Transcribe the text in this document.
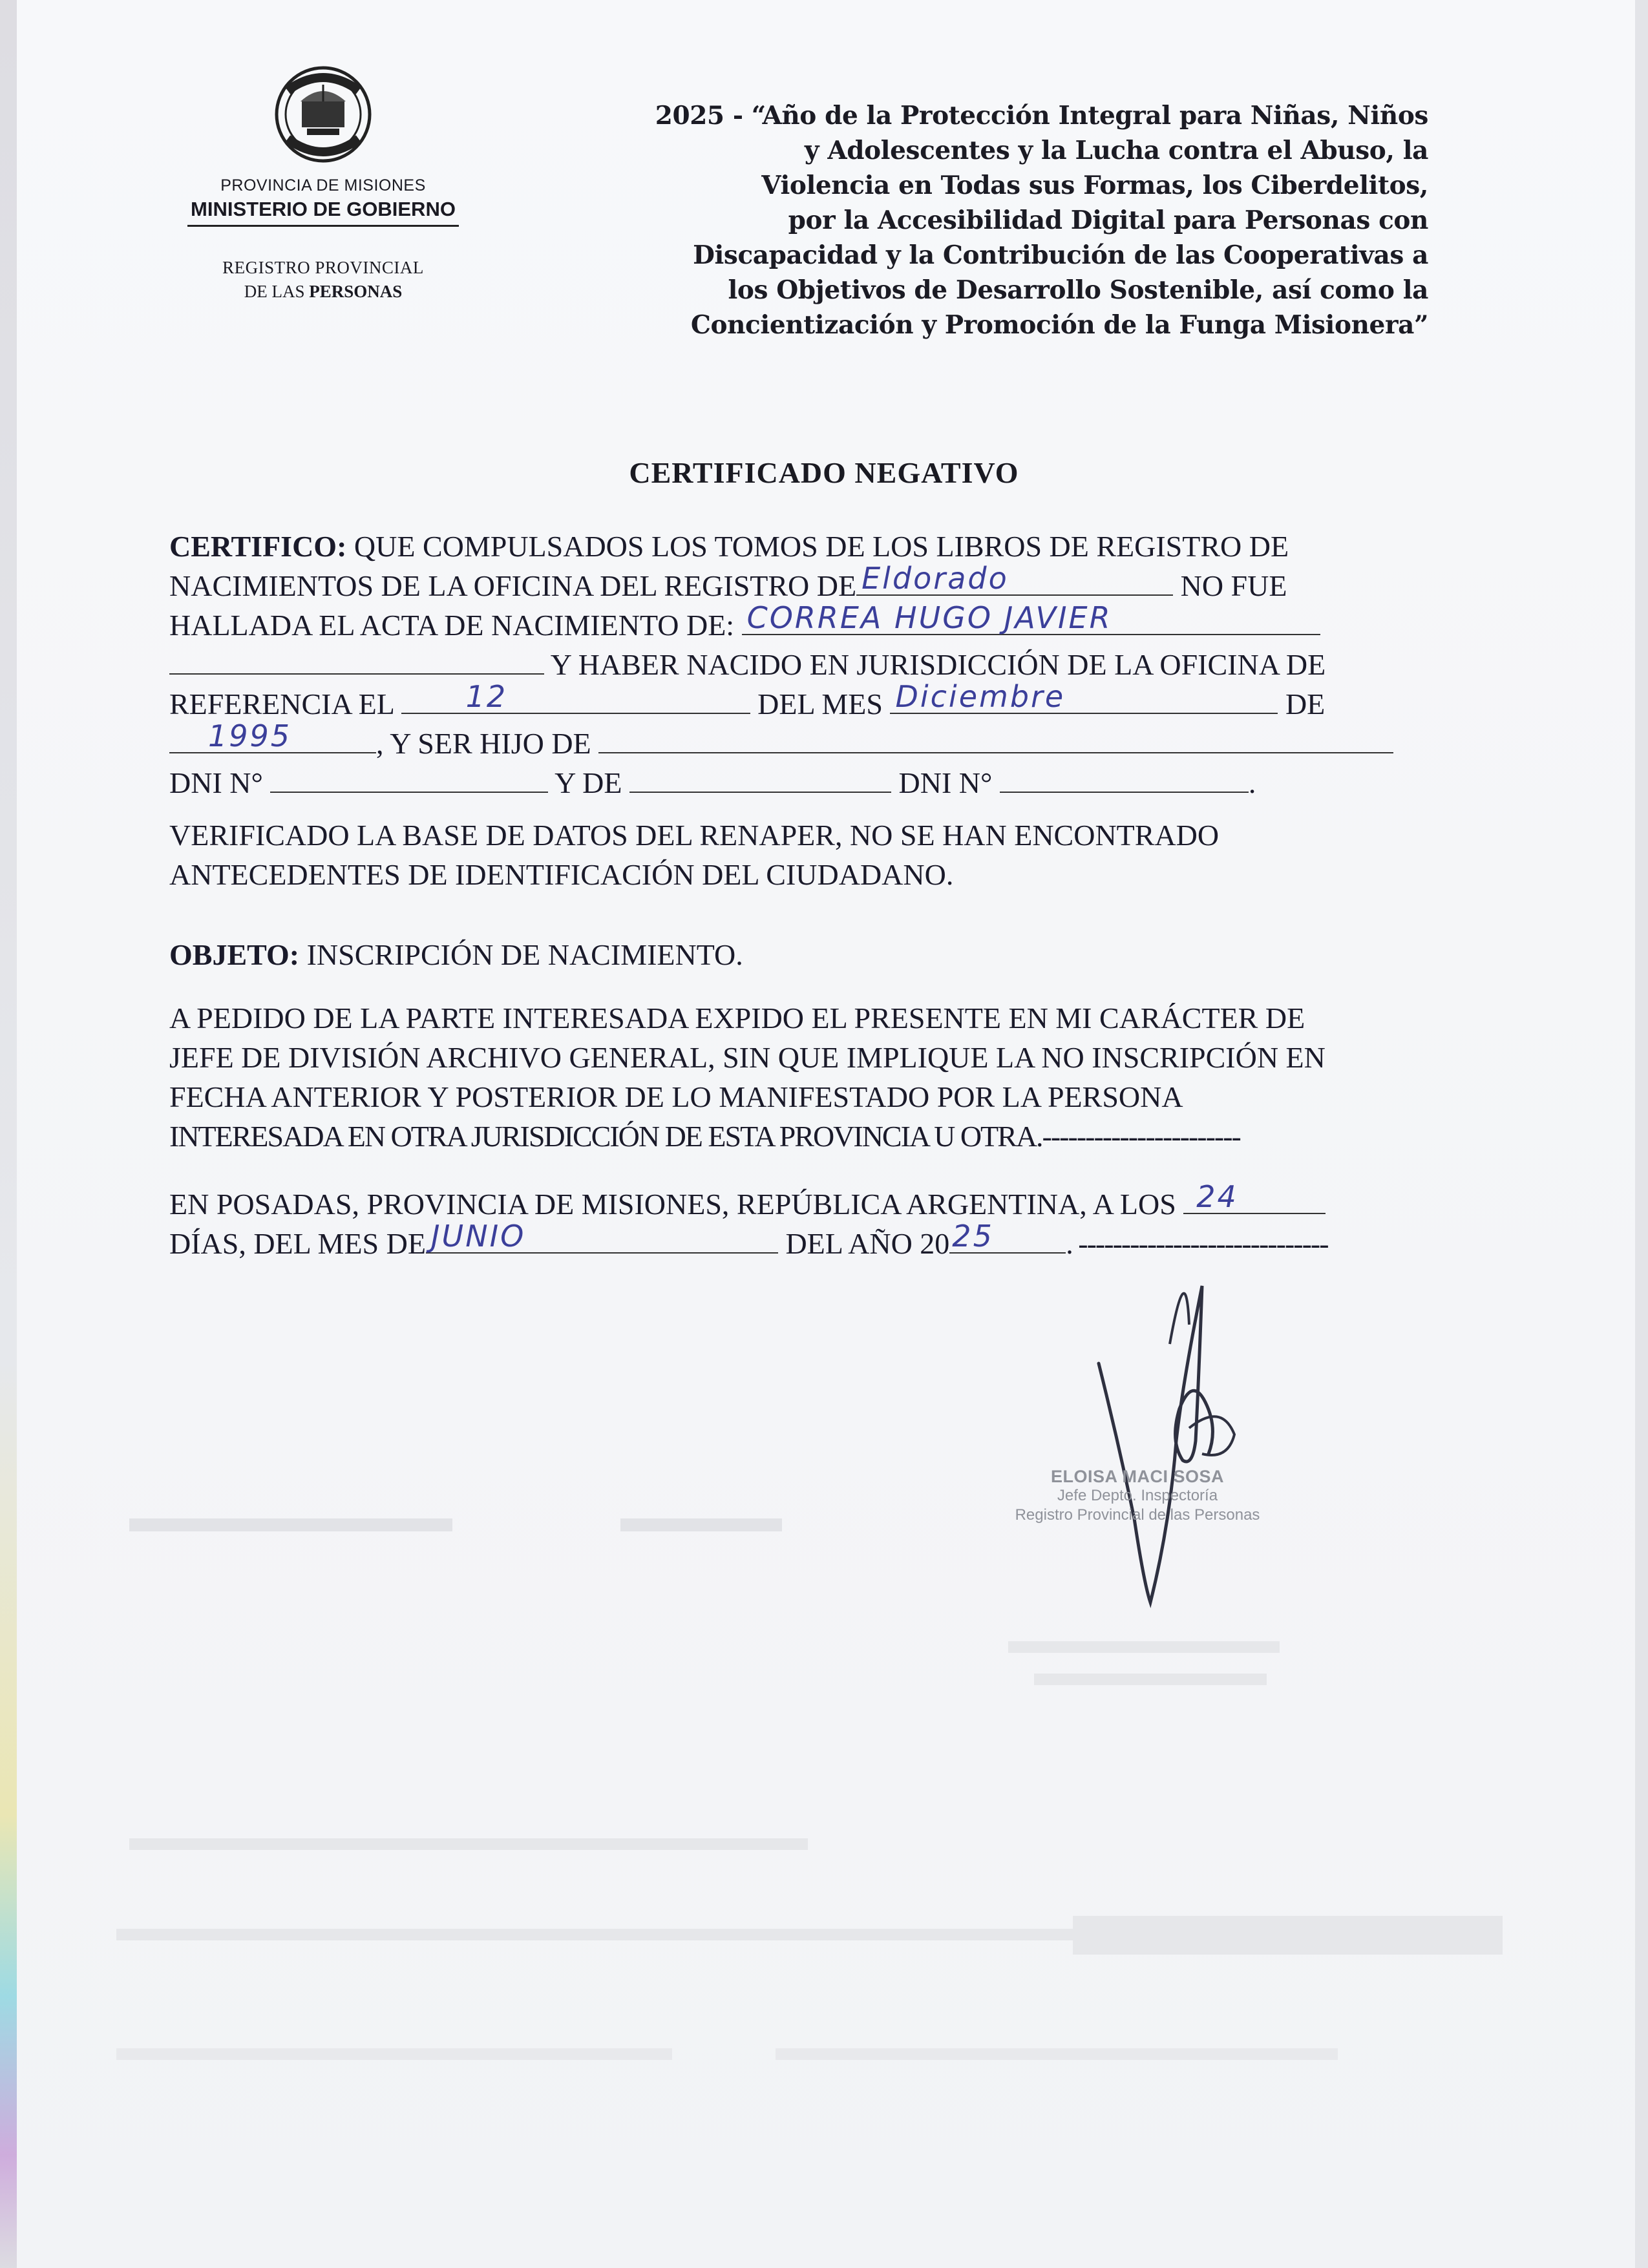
PROVINCIA DE MISIONES
MINISTERIO DE GOBIERNO
REGISTRO PROVINCIAL
DE LAS PERSONAS
2025 - “Año de la Protección Integral para Niñas, Niños
y Adolescentes y la Lucha contra el Abuso, la
Violencia en Todas sus Formas, los Ciberdelitos,
por la Accesibilidad Digital para Personas con
Discapacidad y la Contribución de las Cooperativas a
los Objetivos de Desarrollo Sostenible, así como la
Concientización y Promoción de la Funga Misionera”
CERTIFICADO NEGATIVO
CERTIFICO: QUE COMPULSADOS LOS TOMOS DE LOS LIBROS DE REGISTRO DE
NACIMIENTOS DE LA OFICINA DEL REGISTRO DE Eldorado	NO FUE
HALLADA EL ACTA DE NACIMIENTO DE: CORREA HUGO JAVIER
Y HABER NACIDO EN JURISDICCIÓN DE LA OFICINA DE
REFERENCIA EL 12	DEL MES Diciembre	DE
1995	, Y SER HIJO DE
DNI N°	Y DE	DNI N°	.
VERIFICADO LA BASE DE DATOS DEL RENAPER, NO SE HAN ENCONTRADO
ANTECEDENTES DE IDENTIFICACIÓN DEL CIUDADANO.
OBJETO: INSCRIPCIÓN DE NACIMIENTO.
A PEDIDO DE LA PARTE INTERESADA EXPIDO EL PRESENTE EN MI CARÁCTER DE
JEFE DE DIVISIÓN ARCHIVO GENERAL, SIN QUE IMPLIQUE LA NO INSCRIPCIÓN EN
FECHA ANTERIOR Y POSTERIOR DE LO MANIFESTADO POR LA PERSONA
INTERESADA EN OTRA JURISDICCIÓN DE ESTA PROVINCIA U OTRA.-----------------------
EN POSADAS, PROVINCIA DE MISIONES, REPÚBLICA ARGENTINA, A LOS 24
DÍAS, DEL MES DE JUNIO	DEL AÑO 20 25 . -----------------------------
ELOISA MACI SOSA
Jefe Depto. Inspectoría
Registro Provincial de las Personas
